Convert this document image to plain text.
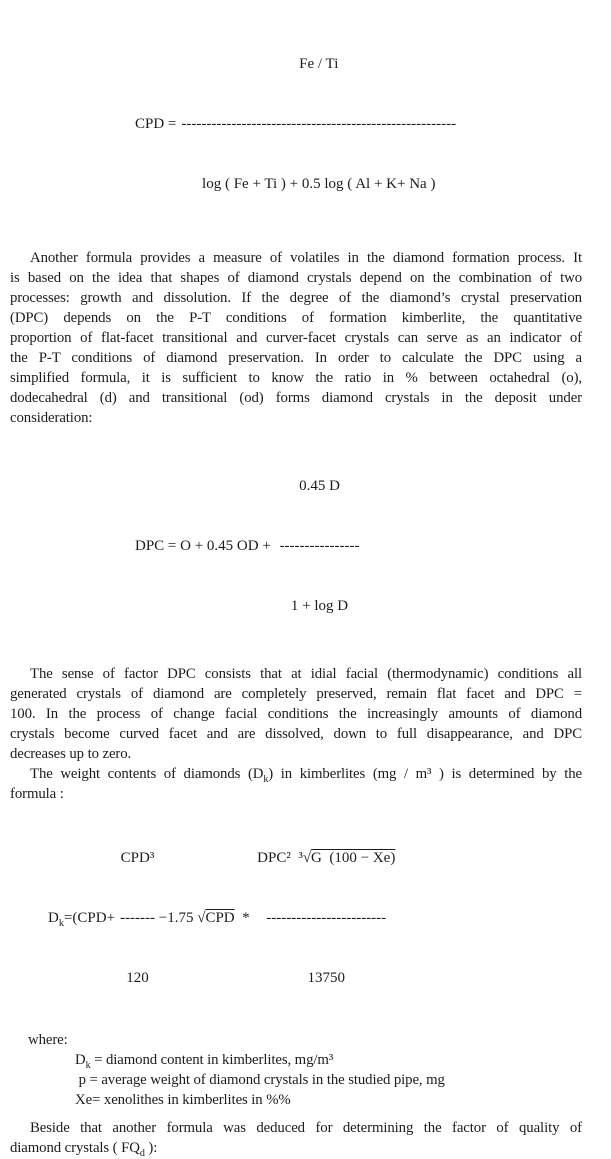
CPD =

Fe / Ti

-------------------------------------------------------

log ( Fe + Ti ) + 0.5 log ( Al + K+ Na )

Another formula provides a measure of volatiles in the diamond formation process. It
is based on the idea that shapes of diamond crystals depend on the combination of two
processes: growth and dissolution. If the degree of the diamond’s crystal preservation
(DPC) depends on the P-T conditions of formation kimberlite, the quantitative
proportion of flat-facet transitional and curver-facet crystals can serve as an indicator of
the P-T conditions of diamond preservation. In order to calculate the DPC using a
simplified formula, it is sufficient to know the ratio in % between octahedral (o),
dodecahedral (d) and transitional (od) forms diamond crystals in the deposit under
consideration:
DPC = O + 0.45 OD +

0.45 D

----------------

1 + log D

The sense of factor DPC consists that at idial facial (thermodynamic) conditions all
generated crystals of diamond are completely preserved, remain flat facet and DPC =
100. In the process of change facial conditions the increasingly amounts of diamond
crystals become curved facet and are dissolved, down to full disappearance, and DPC
decreases up to zero.
The weight contents of diamonds $(D_k)$ in kimberlites (mg / m³ ) is determined by the
formula :
$D_k=(CPD+$

CPD³

-------

120

−1.75 √CPD  *

DPC²  ³√G  (100 − Xe)

------------------------

13750

where:
$D_k$ = diamond content in kimberlites, mg/m³
p = average weight of diamond crystals in the studied pipe, mg
Xe= xenolithes in kimberlites in %%
Beside that another formula was deduced for determining the factor of quality of
diamond crystals ( $FQ_d$ ):
